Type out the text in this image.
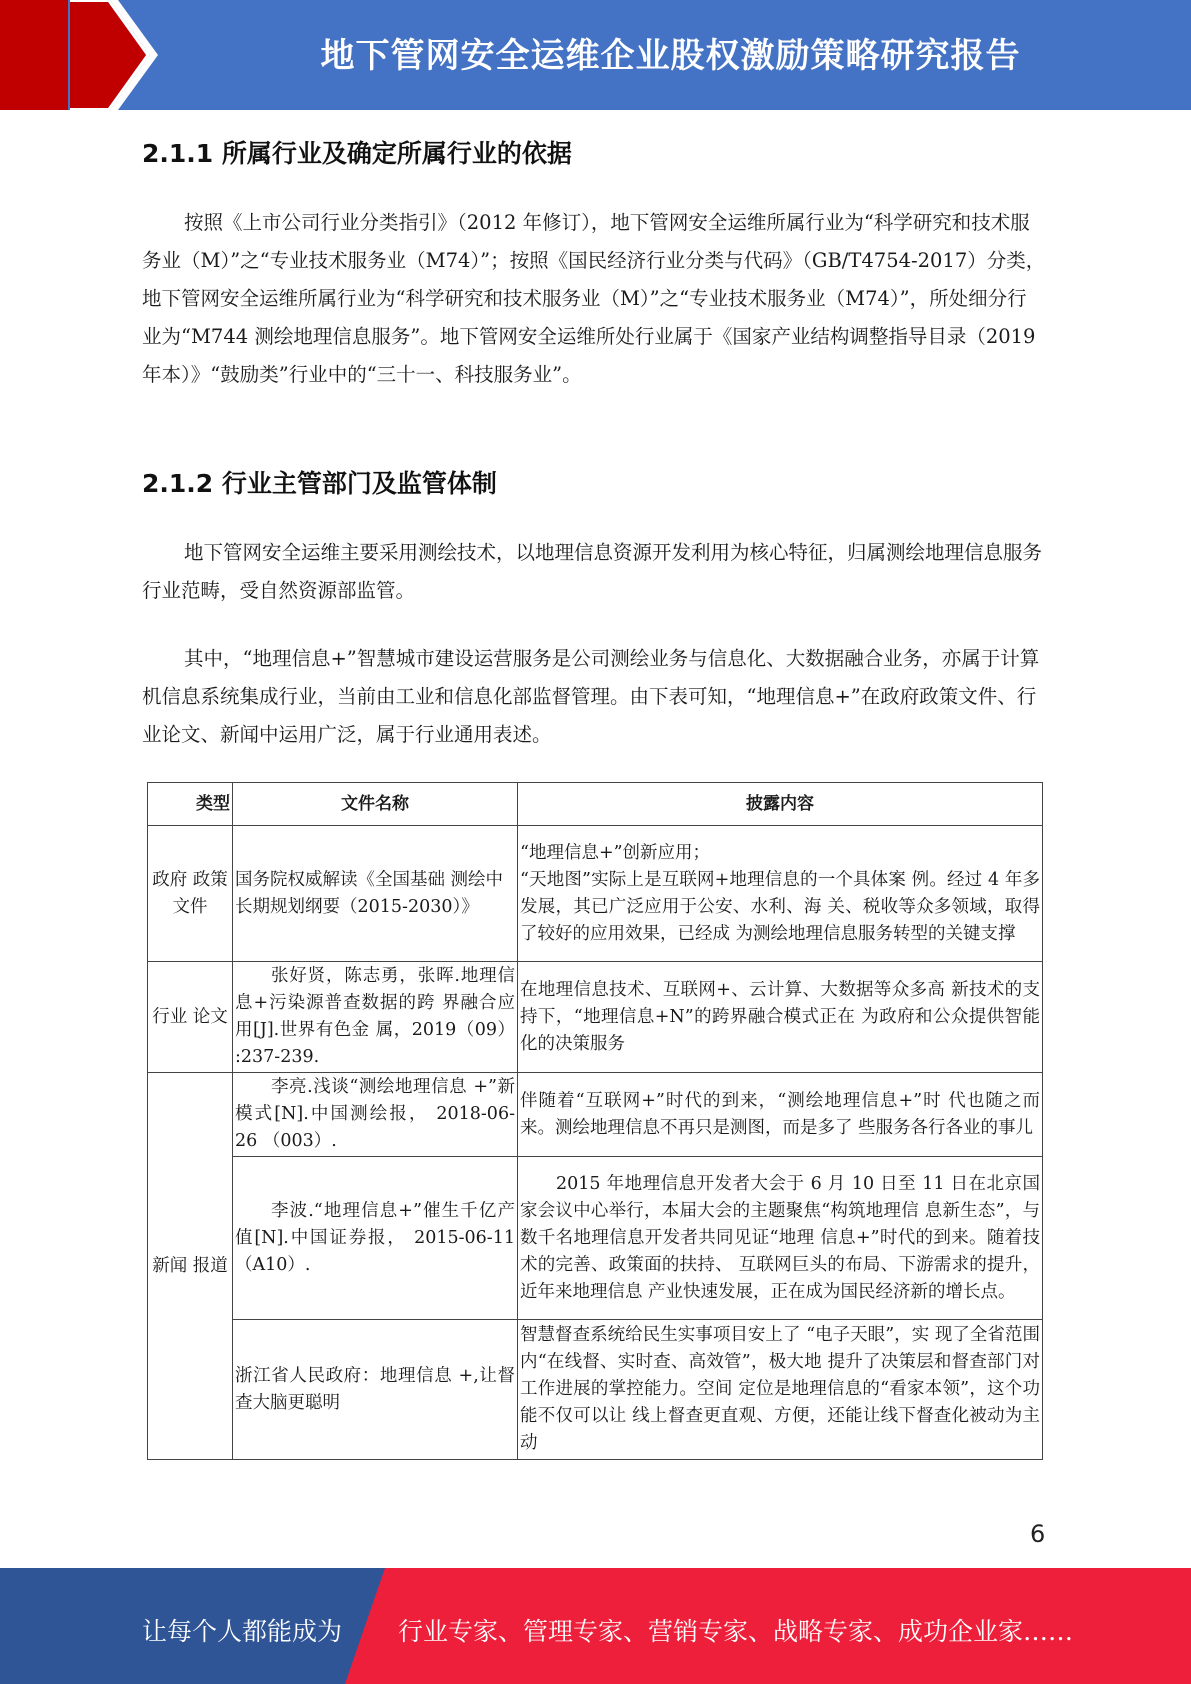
地下管网安全运维企业股权激励策略研究报告
2.1.1 所属行业及确定所属行业的依据
按照《上市公司行业分类指引》（2012 年修订），地下管网安全运维所属行业为“科学研究和技术服务业（M）”之“专业技术服务业（M74）”；按照《国民经济行业分类与代码》（GB/T4754-2017）分类，地下管网安全运维所属行业为“科学研究和技术服务业（M）”之“专业技术服务业（M74）”，所处细分行业为“M744 测绘地理信息服务”。地下管网安全运维所处行业属于《国家产业结构调整指导目录（2019 年本）》“鼓励类”行业中的“三十一、科技服务业”。
2.1.2 行业主管部门及监管体制
地下管网安全运维主要采用测绘技术，以地理信息资源开发利用为核心特征，归属测绘地理信息服务行业范畴，受自然资源部监管。
其中，“地理信息+”智慧城市建设运营服务是公司测绘业务与信息化、大数据融合业务，亦属于计算机信息系统集成行业，当前由工业和信息化部监督管理。由下表可知，“地理信息+”在政府政策文件、行业论文、新闻中运用广泛，属于行业通用表述。
类型	文件名称	披露内容
政府 政策 文件	国务院权威解读《全国基础 测绘中长期规划纲要（2015-2030）》	“地理信息+”创新应用；
“天地图”实际上是互联网+地理信息的一个具体案 例。经过 4 年多发展，其已广泛应用于公安、水利、海 关、税收等众多领域，取得了较好的应用效果，已经成 为测绘地理信息服务转型的关键支撑
行业 论文	张好贤，陈志勇，张晖.地理信息+污染源普查数据的跨 界融合应用[J].世界有色金 属，2019（09） :237-239.	在地理信息技术、互联网+、云计算、大数据等众多高 新技术的支持下，“地理信息+N”的跨界融合模式正在 为政府和公众提供智能化的决策服务
新闻 报道	李亮.浅谈“测绘地理信息 +”新模式[N].中国测绘报， 2018-06-26 （003）.	伴随着“互联网+”时代的到来，“测绘地理信息+”时 代也随之而来。测绘地理信息不再只是测图，而是多了 些服务各行各业的事儿
	李波.“地理信息+”催生千亿产值[N].中国证券报， 2015-06-11（A10）.	2015 年地理信息开发者大会于 6 月 10 日至 11 日在北京国家会议中心举行，本届大会的主题聚焦“构筑地理信 息新生态”，与数千名地理信息开发者共同见证“地理 信息+”时代的到来。随着技术的完善、政策面的扶持、 互联网巨头的布局、下游需求的提升，近年来地理信息 产业快速发展，正在成为国民经济新的增长点。
	浙江省人民政府：地理信息 +,让督查大脑更聪明	智慧督查系统给民生实事项目安上了 “电子天眼”，实 现了全省范围内“在线督、实时查、高效管”，极大地 提升了决策层和督查部门对工作进展的掌控能力。空间 定位是地理信息的“看家本领”，这个功能不仅可以让 线上督查更直观、方便，还能让线下督查化被动为主动
6
让每个人都能成为 行业专家、管理专家、营销专家、战略专家、成功企业家……
